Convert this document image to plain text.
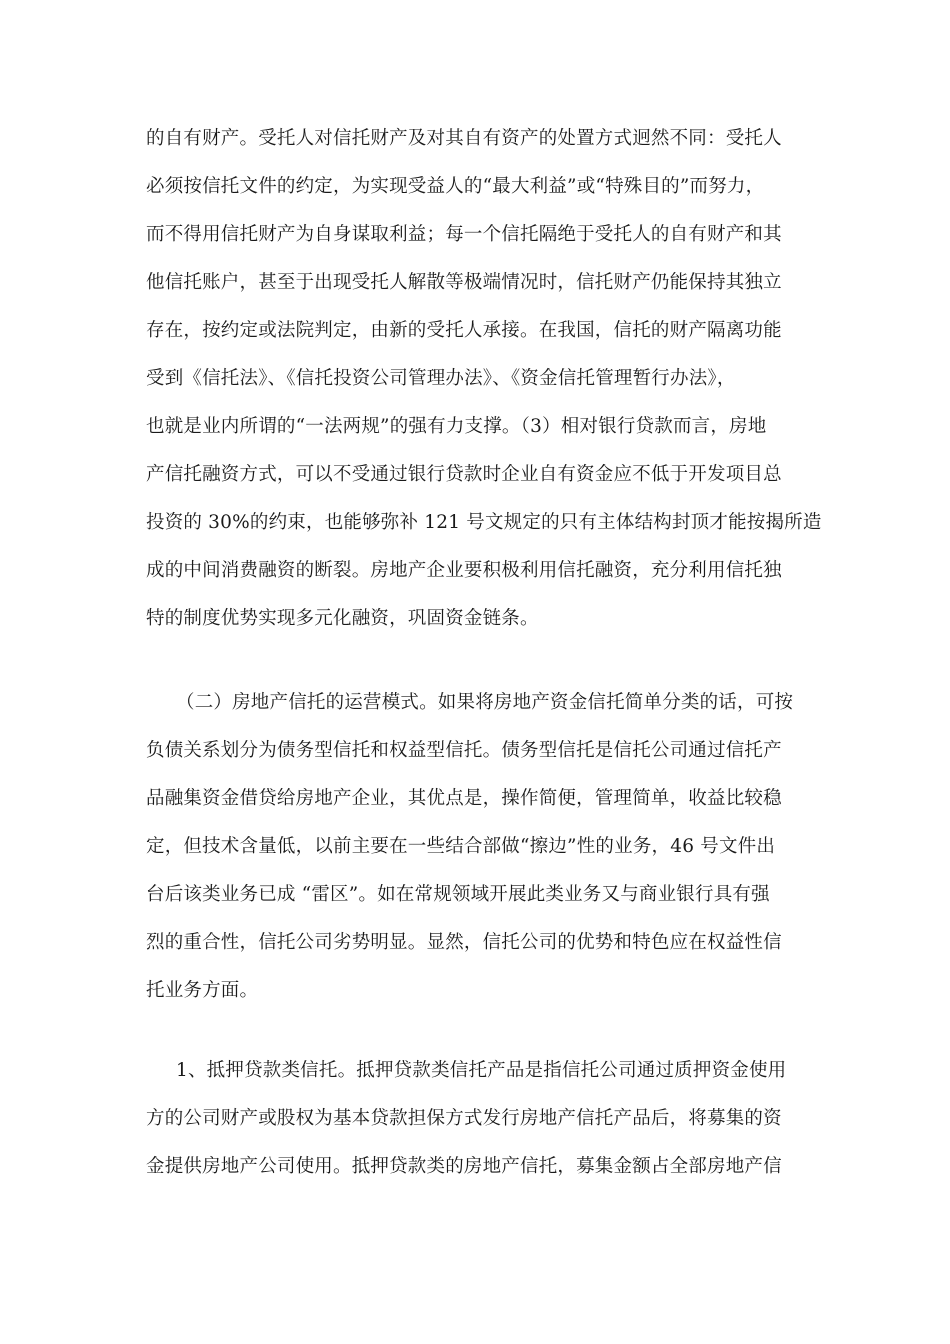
的自有财产。受托人对信托财产及对其自有资产的处置方式迥然不同：受托人
必须按信托文件的约定，为实现受益人的“最大利益”或“特殊目的”而努力，
而不得用信托财产为自身谋取利益；每一个信托隔绝于受托人的自有财产和其
他信托账户，甚至于出现受托人解散等极端情况时，信托财产仍能保持其独立
存在，按约定或法院判定，由新的受托人承接。在我国，信托的财产隔离功能
受到《信托法》、《信托投资公司管理办法》、《资金信托管理暂行办法》，
也就是业内所谓的“一法两规”的强有力支撑。（3）相对银行贷款而言，房地
产信托融资方式，可以不受通过银行贷款时企业自有资金应不低于开发项目总
投资的 30%的约束，也能够弥补 121 号文规定的只有主体结构封顶才能按揭所造
成的中间消费融资的断裂。房地产企业要积极利用信托融资，充分利用信托独
特的制度优势实现多元化融资，巩固资金链条。
（二）房地产信托的运营模式。如果将房地产资金信托简单分类的话，可按
负债关系划分为债务型信托和权益型信托。债务型信托是信托公司通过信托产
品融集资金借贷给房地产企业，其优点是，操作简便，管理简单，收益比较稳
定，但技术含量低，以前主要在一些结合部做“擦边”性的业务，46 号文件出
台后该类业务已成 “雷区”。如在常规领域开展此类业务又与商业银行具有强
烈的重合性，信托公司劣势明显。显然，信托公司的优势和特色应在权益性信
托业务方面。
1、抵押贷款类信托。抵押贷款类信托产品是指信托公司通过质押资金使用
方的公司财产或股权为基本贷款担保方式发行房地产信托产品后，将募集的资
金提供房地产公司使用。抵押贷款类的房地产信托，募集金额占全部房地产信
